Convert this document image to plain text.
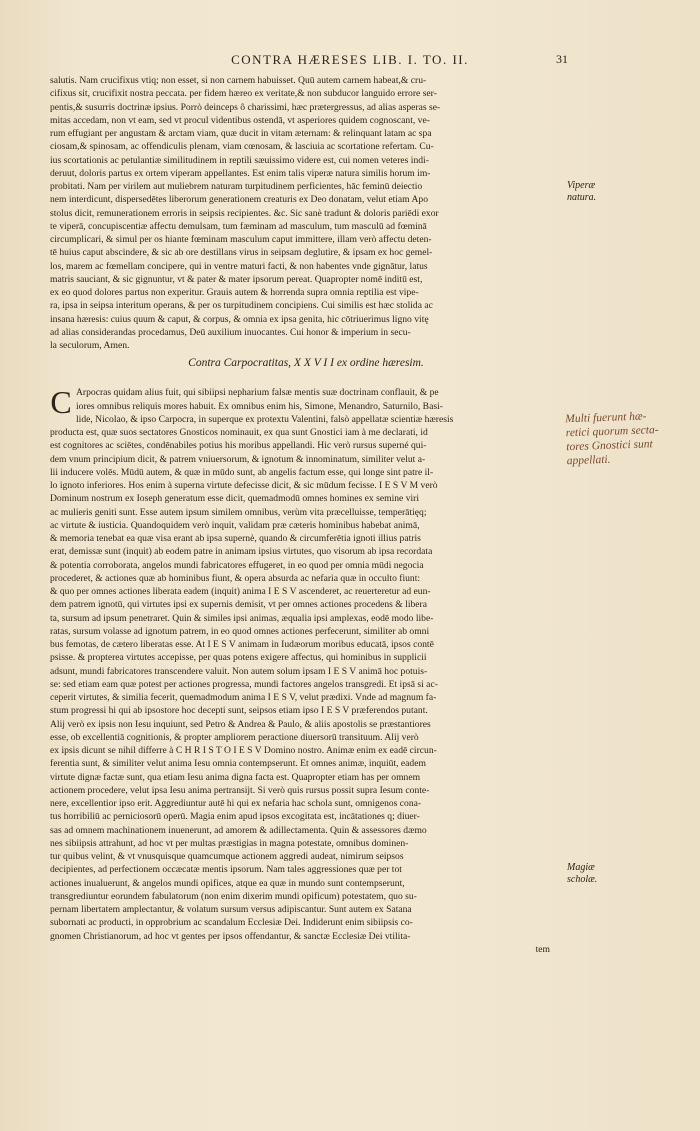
CONTRA HÆRESES LIB. I. TO. II.	31
salutis. Nam crucifixus vtiq; non esset, si non carnem habuisset. Quū autem carnem habeat,& cru-
cifixus sit, crucifixit nostra peccata. per fidem hæreo ex veritate,& non subducor languido errore ser-
pentis,& susurris doctrinæ ipsius. Porrò deinceps ô charissimi, hæc prætergressus, ad alias asperas se-
mitas accedam, non vt eam, sed vt procul videntibus ostendā, vt asperiores quidem cognoscant, ve-
rum effugiant per angustam & arctam viam, quæ ducit in vitam æternam: & relinquant latam ac spa
ciosam,& spinosam, ac offendiculis plenam, viam cœnosam, & lasciuia ac scortatione refertam. Cu-
ius scortationis ac petulantiæ similitudinem in reptili sæuissimo videre est, cui nomen veteres indi-
deruut, doloris partus ex ortem viperam appellantes. Est enim talis viperæ natura similis horum im-
probitati. Nam per virilem aut muliebrem naturam turpitudinem perficientes, hāc feminū deiectio
nem interdicunt, dispersedētes liberorum generationem creaturis ex Deo donatam, velut etiam Apo
stolus dicit, remunerationem erroris in seipsis recipientes. &c. Sic sanè tradunt & doloris pariēdi exor
te viperā, concupiscentiæ affectu demulsam, tum fæminam ad masculum, tum masculū ad fœminā
circumplicari, & simul per os hiante fœminam masculum caput immittere, illam verò affectu deten-
tē huius caput abscindere, & sic ab ore destillans virus in seipsam deglutire, & ipsam ex hoc gemel-
los, marem ac fœmellam concipere, qui in ventre maturi facti, & non habentes vnde gignātur, latus
matris sauciant, & sic gignuntur, vt & pater & mater ipsorum pereat. Quapropter nomē inditū est,
ex eo quod dolores partus non experitur. Grauis autem & horrenda supra omnia reptilia est vipe-
ra, ipsa in seipsa interitum operans, & per os turpitudinem concipiens. Cui similis est hæc stolida ac
insana hæresis: cuius quum & caput, & corpus, & omnia ex ipsa genita, hic cōtriuerimus ligno vitę
ad alias considerandas procedamus, Deū auxilium inuocantes. Cui honor & imperium in secu-
la seculorum, Amen.
Contra Carpocratitas, X X V I I ex ordine hæresim.
C Arpocras quidam alius fuit, qui sibiipsi nepharium falsæ mentis suæ doctrinam conflauit, & pe
iores omnibus reliquis mores habuit. Ex omnibus enim his, Simone, Menandro, Saturnilo, Basi-
lide, Nicolao, & ipso Carpocra, in superque ex protextu Valentini, falsò appellatæ scientiæ hæresis
producta est, quæ suos sectatores Gnosticos nominauit, ex qua sunt Gnostici iam à me declarati, id
est cognitores ac sciētes, condēnabiles potius his moribus appellandi. Hic verò rursus superné qui-
dem vnum principium dicit, & patrem vniuersorum, & ignotum & innominatum, similiter velut a-
lii inducere volēs. Mūdū autem, & quæ in mūdo sunt, ab angelis factum esse, qui longe sint patre il-
lo ignoto inferiores. Hos enim à superna virtute defecisse dicit, & sic mūdum fecisse. I E S V M verò
Dominum nostrum ex Ioseph generatum esse dicit, quemadmodū omnes homines ex semine viri
ac mulieris geniti sunt. Esse autem ipsum similem omnibus, verùm vita præcelluisse, temperātięq;
ac virtute & iusticia. Quandoquidem verò inquit, validam præ cæteris hominibus habebat animā,
& memoria tenebat ea quæ visa erant ab ipsa supernè, quando & circumferētia ignoti illius patris
erat, demissæ sunt (inquit) ab eodem patre in animam ipsius virtutes, quo visorum ab ipsa recordata
& potentia corroborata, angelos mundi fabricatores effugeret, in eo quod per omnia mūdi negocia
procederet, & actiones quæ ab hominibus fiunt, & opera absurda ac nefaria quæ in occulto fiunt:
& quo per omnes actiones liberata eadem (inquit) anima I E S V ascenderet, ac reuerteretur ad eun-
dem patrem ignotū, qui virtutes ipsi ex supernis demisit, vt per omnes actiones procedens & libera
ta, sursum ad ipsum penetraret. Quin & similes ipsi animas, æqualia ipsi amplexas, eodē modo libe-
ratas, sursum volasse ad ignotum patrem, in eo quod omnes actiones perfecerunt, similiter ab omni
bus femotas, de cætero liberatas esse. At I E S V animam in Iudæorum moribus educatā, ipsos contē
psisse. & propterea virtutes accepisse, per quas potens exigere affectus, qui hominibus in supplicii
adsunt, mundi fabricatores transcendere valuit. Non autem solum ipsam I E S V animā hoc potuis-
se: sed etiam eam quæ potest per actiones progressa, mundi factores angelos transgredi. Et ipsā si ac-
ceperit virtutes, & similia fecerit, quemadmodum anima I E S V, velut prædixi. Vnde ad magnum fa-
stum progressi hi qui ab ipsostore hoc decepti sunt, seipsos etiam ipso I E S V præferendos putant.
Alij verò ex ipsis non Iesu inquiunt, sed Petro & Andrea & Paulo, & aliis apostolis se præstantiores
esse, ob excellentiā cognitionis, & propter ampliorem peractione diuersorū transituum. Alij verò
ex ipsis dicunt se nihil differre à C H R I S T O I E S V Domino nostro. Animæ enim ex eadē circun-
ferentia sunt, & similiter velut anima Iesu omnia contempserunt. Et omnes animæ, inquiūt, eadem
virtute dignæ factæ sunt, qua etiam Iesu anima digna facta est. Quapropter etiam has per omnem
actionem procedere, velut ipsa Iesu anima pertransijt. Si verò quis rursus possit supra Iesum conte-
nere, excellentior ipso erit. Aggrediuntur autē hi qui ex nefaria hac schola sunt, omnigenos cona-
tus horribiliū ac perniciosorū operū. Magia enim apud ipsos excogitata est, incātationes q; diuer-
sas ad omnem machinationem inuenerunt, ad amorem & adillectamenta. Quin & assessores dæmo
nes sibiipsis attrahunt, ad hoc vt per multas præstigias in magna potestate, omnibus dominen-
tur quibus velint, & vt vnusquisque quamcumque actionem aggredi audeat, nimirum seipsos
decipientes, ad perfectionem occæcatæ mentis ipsorum. Nam tales aggressiones quæ per tot
actiones inualuerunt, & angelos mundi opifices, atque ea quæ in mundo sunt contempserunt,
transgrediuntur eorundem fabulatorum (non enim dixerim mundi opificum) potestatem, quo su-
pernam libertatem amplectantur, & volatum sursum versus adipiscantur. Sunt autem ex Satana
subornati ac producti, in opprobrium ac scandalum Ecclesiæ Dei. Indiderunt enim sibiipsis co-
gnomen Christianorum, ad hoc vt gentes per ipsos offendantur, & sanctæ Ecclesiæ Dei vtilita-
tem
Viperæ
natura.
Multi fuerunt hæ-
retici quorum secta-
tores Gnostici sunt
appellati.
Magiæ
scholæ.
